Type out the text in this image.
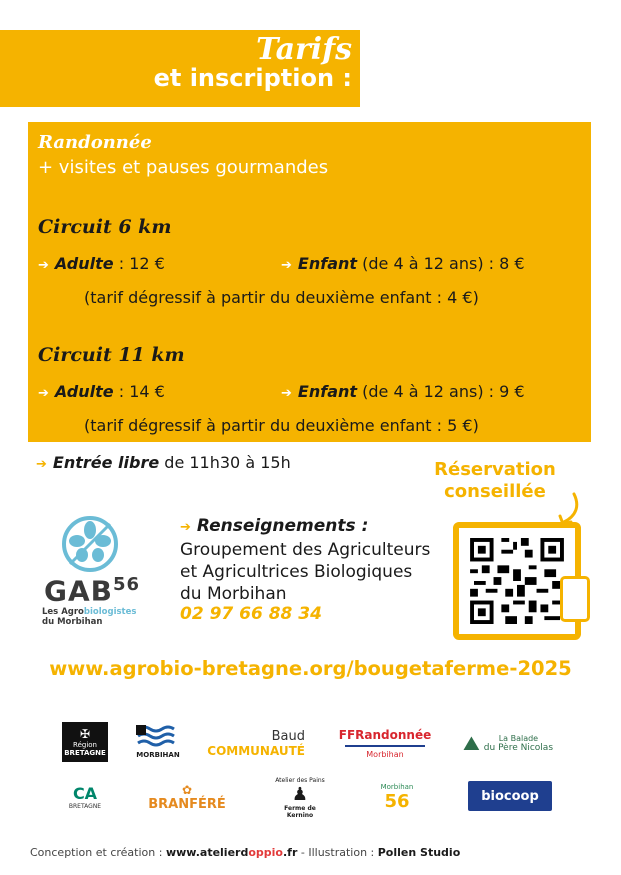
Tarifs
et inscription :
Randonnée
+ visites et pauses gourmandes
Circuit 6 km
➔ Adulte : 12 €	➔ Enfant (de 4 à 12 ans) : 8 €
(tarif dégressif à partir du deuxième enfant : 4 €)
Circuit 11 km
➔ Adulte : 14 €	➔ Enfant (de 4 à 12 ans) : 9 €
(tarif dégressif à partir du deuxième enfant : 5 €)
➔ Entrée libre de 11h30 à 15h	Réservation
conseillée
GAB$^{56}$
Les Agrobiologistes
du Morbihan
➔ Renseignements :
Groupement des Agriculteurs
et Agricultrices Biologiques
du Morbihan
02 97 66 88 34
www.agrobio-bretagne.org/bougetaferme-2025
✠
Région
BRETAGNE	MORBIHAN
Baud
COMMUNAUTÉ
FFRandonnée
Morbihan	⛰	La Balade
du Père Nicolas
CA
BRETAGNE
✿
BRANFÉRÉ
Atelier des Pains
♟
Ferme de Kernino
Morbihan
56	biocoop
Conception et création : www.atelierdoppio.fr - Illustration : Pollen Studio
